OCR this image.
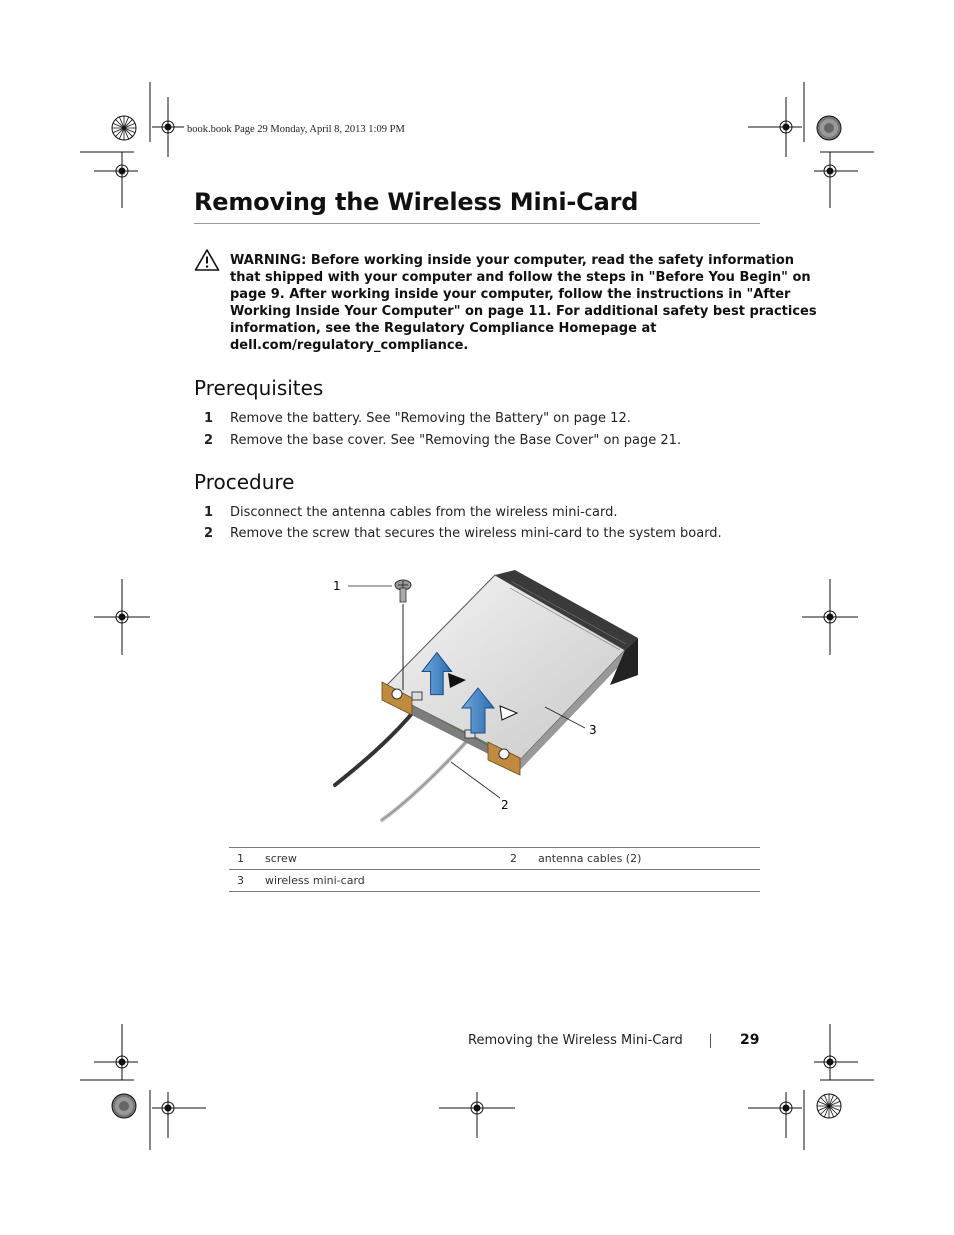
book.book Page 29 Monday, April 8, 2013 1:09 PM
Removing the Wireless Mini-Card
WARNING: Before working inside your computer, read the safety information
that shipped with your computer and follow the steps in "Before You Begin" on
page 9. After working inside your computer, follow the instructions in "After
Working Inside Your Computer" on page 11. For additional safety best practices
information, see the Regulatory Compliance Homepage at
dell.com/regulatory_compliance.
Prerequisites
1 Remove the battery. See "Removing the Battery" on page 12.
2 Remove the base cover. See "Removing the Base Cover" on page 21.
Procedure
1 Disconnect the antenna cables from the wireless mini-card.
2 Remove the screw that secures the wireless mini-card to the system board.
1
2
3
1	screw	2	antenna cables (2)
3	wireless mini-card		
Removing the Wireless Mini-Card	29
